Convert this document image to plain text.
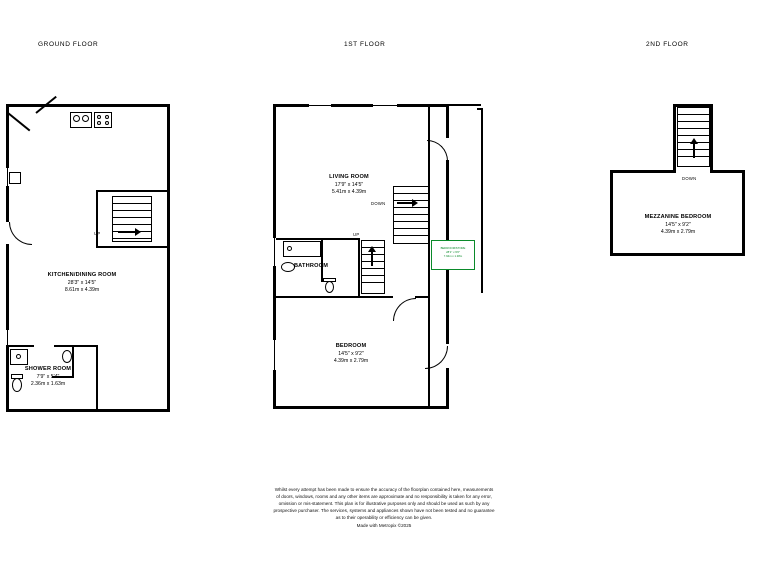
GROUND FLOOR	1ST FLOOR	2ND FLOOR
UP
KITCHEN/DINING ROOM
28'3" x 14'5"
8.61m x 4.39m
SHOWER ROOM
7'9" x 5'4"
2.36m x 1.63m
BEDROOM/STORE
28'1" x 9'6"
7.94m x 1.38m
DOWN
UP
LIVING ROOM
17'9" x 14'5"
5.41m x 4.39m
BATHROOM
BEDROOM
14'5" x 9'2"
4.39m x 2.79m
DOWN
MEZZANINE BEDROOM
14'5" x 9'2"
4.39m x 2.79m
Whilst every attempt has been made to ensure the accuracy of the floorplan contained here, measurements
of doors, windows, rooms and any other items are approximate and no responsibility is taken for any error,
omission or mis-statement. This plan is for illustrative purposes only and should be used as such by any
prospective purchaser. The services, systems and appliances shown have not been tested and no guarantee
as to their operability or efficiency can be given.
Made with Metropix ©2025
